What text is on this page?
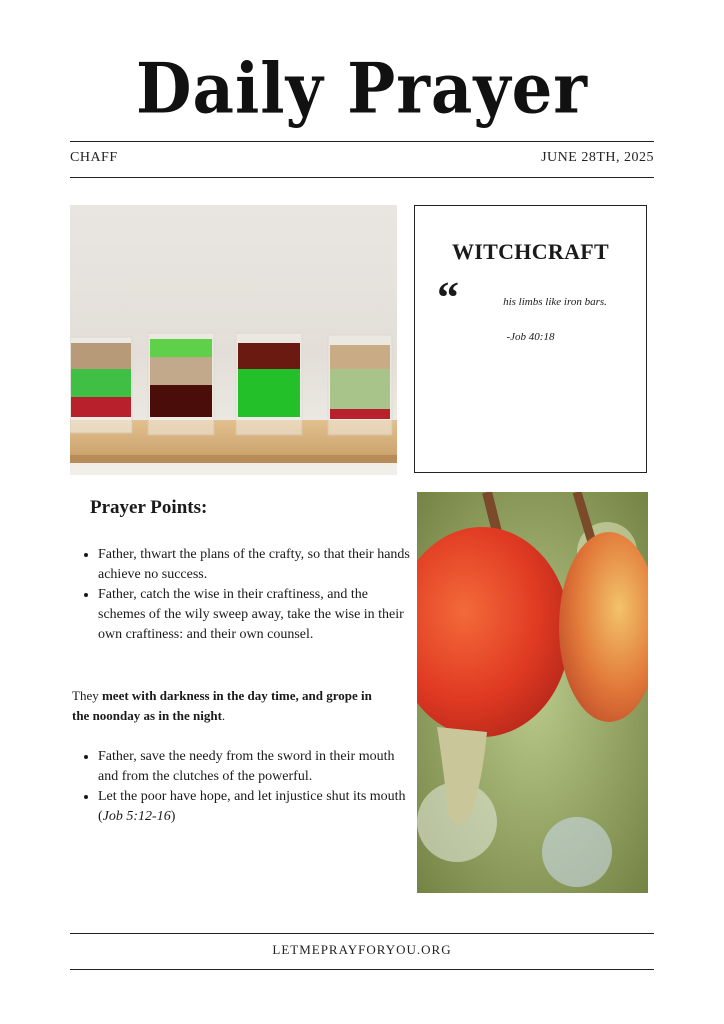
Daily Prayer
CHAFF	JUNE 28TH, 2025
WITCHCRAFT
“	his limbs like iron bars.
-Job 40:18
Prayer Points:
• Father, thwart the plans of the crafty, so that their hands achieve no success.
• Father, catch the wise in their craftiness, and the schemes of the wily sweep away, take the wise in their own craftiness: and their own counsel.
They meet with darkness in the day time, and grope in the noonday as in the night.
• Father, save the needy from the sword in their mouth and from the clutches of the powerful.
• Let the poor have hope, and let injustice shut its mouth
(Job 5:12-16)
LETMEPRAYFORYOU.ORG
